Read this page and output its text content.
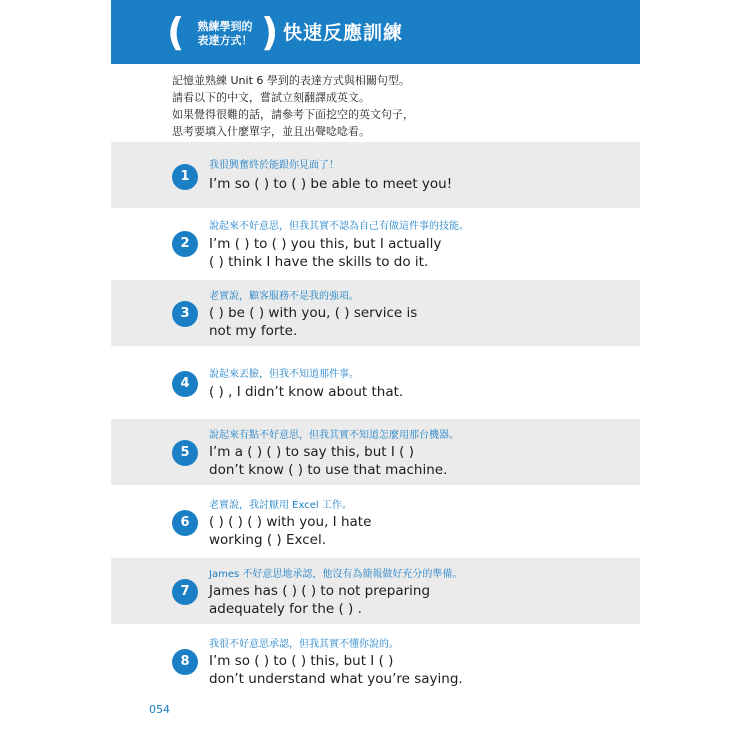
(	熟練學到的
表達方式！ ) 快速反應訓練
記憶並熟練 Unit 6 學到的表達方式與相關句型。
請看以下的中文，嘗試立刻翻譯成英文。
如果覺得很難的話，請參考下面挖空的英文句子，
思考要填入什麼單字，並且出聲唸唸看。
1
我很興奮終於能跟你見面了！
I’m so ( ) to ( ) be able to meet you!
2
說起來不好意思，但我其實不認為自己有做這件事的技能。
I’m ( ) to ( ) you this, but I actually
( ) think I have the skills to do it.
3
老實說，顧客服務不是我的強項。
( ) be ( ) with you, ( ) service is
not my forte.
4
說起來丟臉，但我不知道那件事。
( ) , I didn’t know about that.
5
說起來有點不好意思，但我其實不知道怎麼用那台機器。
I’m a ( ) ( ) to say this, but I ( )
don’t know ( ) to use that machine.
6
老實說，我討厭用 Excel 工作。
( ) ( ) ( ) with you, I hate
working ( ) Excel.
7
James 不好意思地承認，他沒有為簡報做好充分的準備。
James has ( ) ( ) to not preparing
adequately for the ( ) .
8
我很不好意思承認，但我其實不懂你說的。
I’m so ( ) to ( ) this, but I ( )
don’t understand what you’re saying.
054
